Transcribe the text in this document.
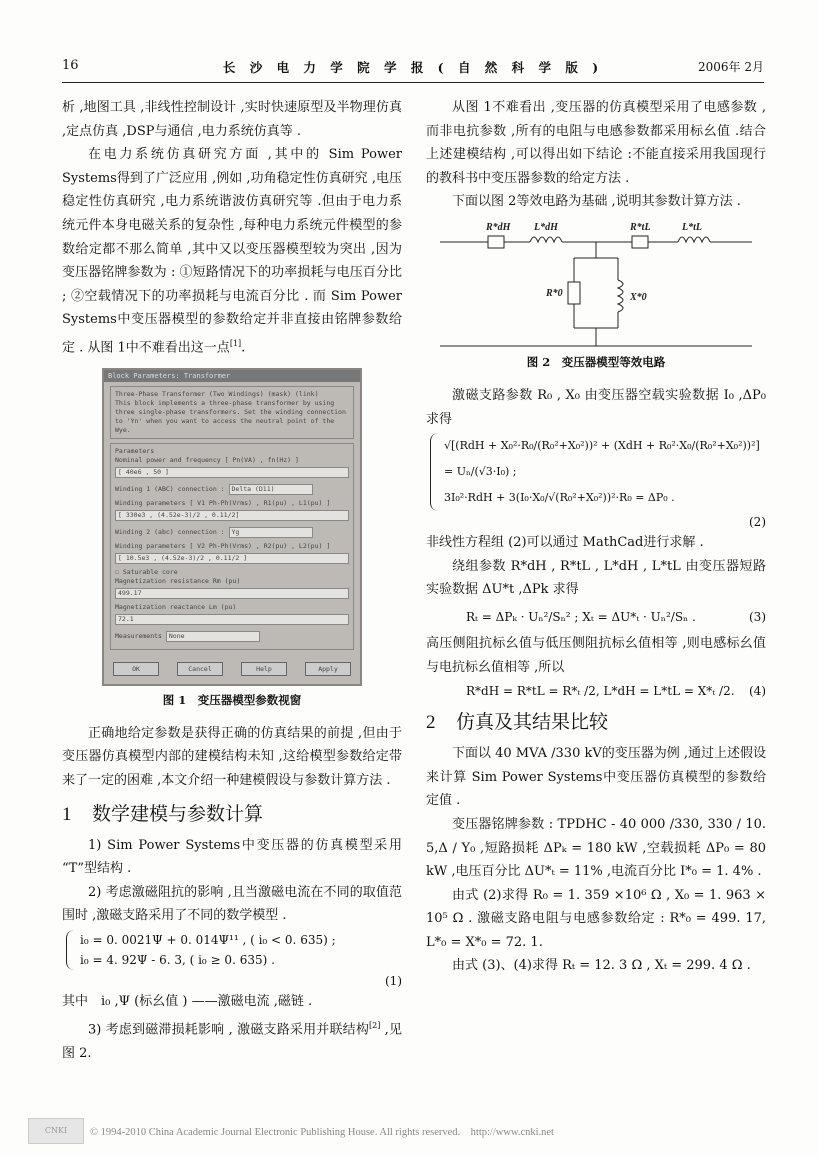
16	长 沙 电 力 学 院 学 报 ( 自 然 科 学 版 )	2006年 2月

析 ,地图工具 ,非线性控制设计 ,实时快速原型及半物理仿真 ,定点仿真 ,DSP与通信 ,电力系统仿真等 .

在电力系统仿真研究方面 ,其中的 Sim Power Systems得到了广泛应用 ,例如 ,功角稳定性仿真研究 ,电压稳定性仿真研究 ,电力系统谐波仿真研究等 .但由于电力系统元件本身电磁关系的复杂性 ,每种电力系统元件模型的参数给定都不那么简单 ,其中又以变压器模型较为突出 ,因为变压器铭牌参数为 : ①短路情况下的功率损耗与电压百分比 ; ②空载情况下的功率损耗与电流百分比 . 而 Sim Power Systems中变压器模型的参数给定并非直接由铭牌参数给定 . 从图 1中不难看出这一点[1].

Block Parameters: Transformer
Three-Phase Transformer (Two Windings) (mask) (link)
This block implements a three-phase transformer by using three single-phase transformers. Set the winding connection to 'Yn' when you want to access the neutral point of the Wye.
Parameters
Nominal power and frequency [ Pn(VA) , fn(Hz) ]
[ 40e6 , 50 ]
Winding 1 (ABC) connection : Delta (D11)
Winding parameters [ V1 Ph-Ph(Vrms) , R1(pu) , L1(pu) ]
[ 330e3 , (4.52e-3)/2 , 0.11/2]
Winding 2 (abc) connection : Yg
Winding parameters [ V2 Ph-Ph(Vrms) , R2(pu) , L2(pu) ]
[ 10.5e3 , (4.52e-3)/2 , 0.11/2 ]
☐ Saturable core
Magnetization resistance Rm (pu)
499.17
Magnetization reactance Lm (pu)
72.1
Measurements None
OK	Cancel	Help	Apply
图 1　变压器模型参数视窗

正确地给定参数是获得正确的仿真结果的前提 ,但由于变压器仿真模型内部的建模结构未知 ,这给模型参数给定带来了一定的困难 ,本文介绍一种建模假设与参数计算方法 .

1 数学建模与参数计算

1) Sim Power Systems中变压器的仿真模型采用 “T”型结构 .

2) 考虑激磁阻抗的影响 ,且当激磁电流在不同的取值范围时 ,激磁支路采用了不同的数学模型 .

i₀ = 0. 0021Ψ + 0. 014Ψ¹¹ , ( i₀ < 0. 635) ;
i₀ = 4. 92Ψ - 6. 3, ( i₀ ≥ 0. 635) .
(1)

其中　i₀ ,Ψ (标幺值 ) ——激磁电流 ,磁链 .

3) 考虑到磁滞损耗影响 , 激磁支路采用并联结构[2] ,见图 2.

从图 1不难看出 ,变压器的仿真模型采用了电感参数 ,而非电抗参数 ,所有的电阻与电感参数都采用标幺值 .结合上述建模结构 ,可以得出如下结论 :不能直接采用我国现行的教科书中变压器参数的给定方法 .

下面以图 2等效电路为基础 ,说明其参数计算方法 .

R*dH L*dH	R*tL	L*tL
R*0	X*0
图 2　变压器模型等效电路

激磁支路参数 R₀ , X₀ 由变压器空载实验数据 I₀ ,ΔP₀ 求得

√[(RdH + X₀²·R₀/(R₀²+X₀²))² + (XdH + R₀²·X₀/(R₀²+X₀²))²] = Uₙ/(√3·I₀) ;
3I₀²·RdH + 3(I₀·X₀/√(R₀²+X₀²))²·R₀ = ΔP₀ .
(2)

非线性方程组 (2)可以通过 MathCad进行求解 .

绕组参数 R*dH , R*tL , L*dH , L*tL 由变压器短路实验数据 ΔU*t ,ΔPk 求得

Rₜ = ΔPₖ · Uₙ²/Sₙ² ; Xₜ = ΔU*ₜ · Uₙ²/Sₙ .	(3)

高压侧阻抗标幺值与低压侧阻抗标幺值相等 ,则电感标幺值与电抗标幺值相等 ,所以

R*dH = R*tL = R*ₜ /2, L*dH = L*tL = X*ₜ /2. (4)
2 仿真及其结果比较

下面以 40 MVA /330 kV的变压器为例 ,通过上述假设来计算 Sim Power Systems中变压器仿真模型的参数给定值 .

变压器铭牌参数 : TPDHC - 40 000 /330, 330 / 10. 5,Δ / Y₀ ,短路损耗 ΔPₖ = 180 kW ,空载损耗 ΔP₀ = 80 kW ,电压百分比 ΔU*ₜ = 11% ,电流百分比 I*₀ = 1. 4% .

由式 (2)求得 R₀ = 1. 359 ×10⁶ Ω , X₀ = 1. 963 × 10⁵ Ω . 激磁支路电阻与电感参数给定 : R*₀ = 499. 17, L*₀ = X*₀ = 72. 1.

由式 (3)、(4)求得 Rₜ = 12. 3 Ω , Xₜ = 299. 4 Ω .

CNKI	© 1994-2010 China Academic Journal Electronic Publishing House. All rights reserved.　http://www.cnki.net
